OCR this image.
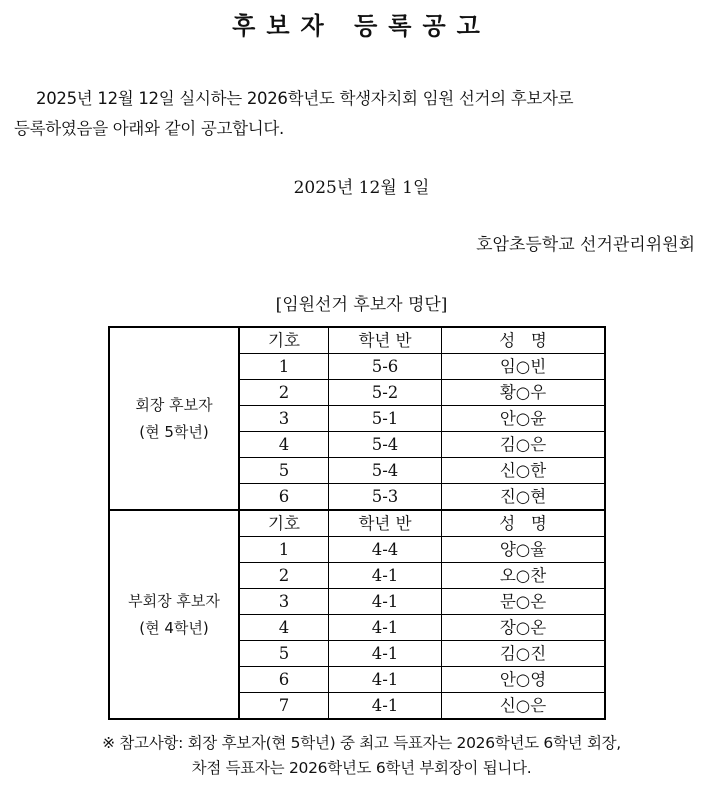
후보자 등록공고
2025년 12월 12일 실시하는 2026학년도 학생자치회 임원 선거의 후보자로
등록하였음을 아래와 같이 공고합니다.
2025년 12월 1일
호암초등학교 선거관리위원회
[임원선거 후보자 명단]
회장 후보자
(현 5학년)	기호	학년 반	성   명
	1	5-6	임○빈
	2	5-2	황○우
	3	5-1	안○윤
	4	5-4	김○은
	5	5-4	신○한
	6	5-3	진○현

부회장 후보자
(현 4학년)	기호	학년 반	성   명
	1	4-4	양○율
	2	4-1	오○찬
	3	4-1	문○온
	4	4-1	장○온
	5	4-1	김○진
	6	4-1	안○영
	7	4-1	신○은
※ 참고사항: 회장 후보자(현 5학년) 중 최고 득표자는 2026학년도 6학년 회장,
차점 득표자는 2026학년도 6학년 부회장이 됩니다.
